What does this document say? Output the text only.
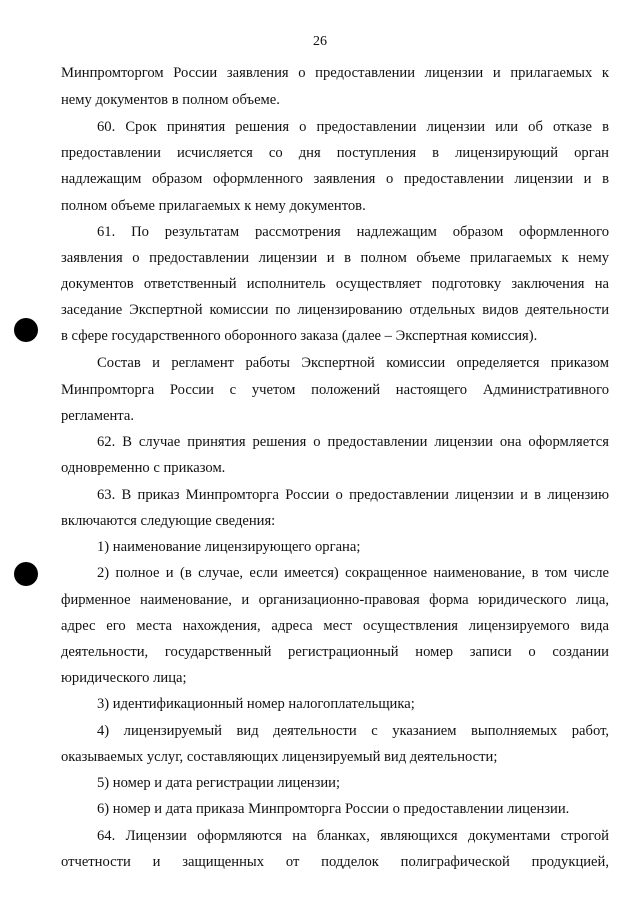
26
Минпромторгом России заявления о предоставлении лицензии и прилагаемых к
нему документов в полном объеме.
60. Срок принятия решения о предоставлении лицензии или об отказе в
предоставлении исчисляется со дня поступления в лицензирующий орган
надлежащим образом оформленного заявления о предоставлении лицензии и в
полном объеме прилагаемых к нему документов.
61. По результатам рассмотрения надлежащим образом оформленного
заявления о предоставлении лицензии и в полном объеме прилагаемых к нему
документов ответственный исполнитель осуществляет подготовку заключения на
заседание Экспертной комиссии по лицензированию отдельных видов деятельности
в сфере государственного оборонного заказа (далее – Экспертная комиссия).
Состав и регламент работы Экспертной комиссии определяется приказом
Минпромторга России с учетом положений настоящего Административного
регламента.
62. В случае принятия решения о предоставлении лицензии она оформляется
одновременно с приказом.
63. В приказ Минпромторга России о предоставлении лицензии и в лицензию
включаются следующие сведения:
1) наименование лицензирующего органа;
2) полное и (в случае, если имеется) сокращенное наименование, в том числе
фирменное наименование, и организационно-правовая форма юридического лица,
адрес его места нахождения, адреса мест осуществления лицензируемого вида
деятельности, государственный регистрационный номер записи о создании
юридического лица;
3) идентификационный номер налогоплательщика;
4) лицензируемый вид деятельности с указанием выполняемых работ,
оказываемых услуг, составляющих лицензируемый вид деятельности;
5) номер и дата регистрации лицензии;
6) номер и дата приказа Минпромторга России о предоставлении лицензии.
64. Лицензии оформляются на бланках, являющихся документами строгой
отчетности и защищенных от подделок полиграфической продукцией,
